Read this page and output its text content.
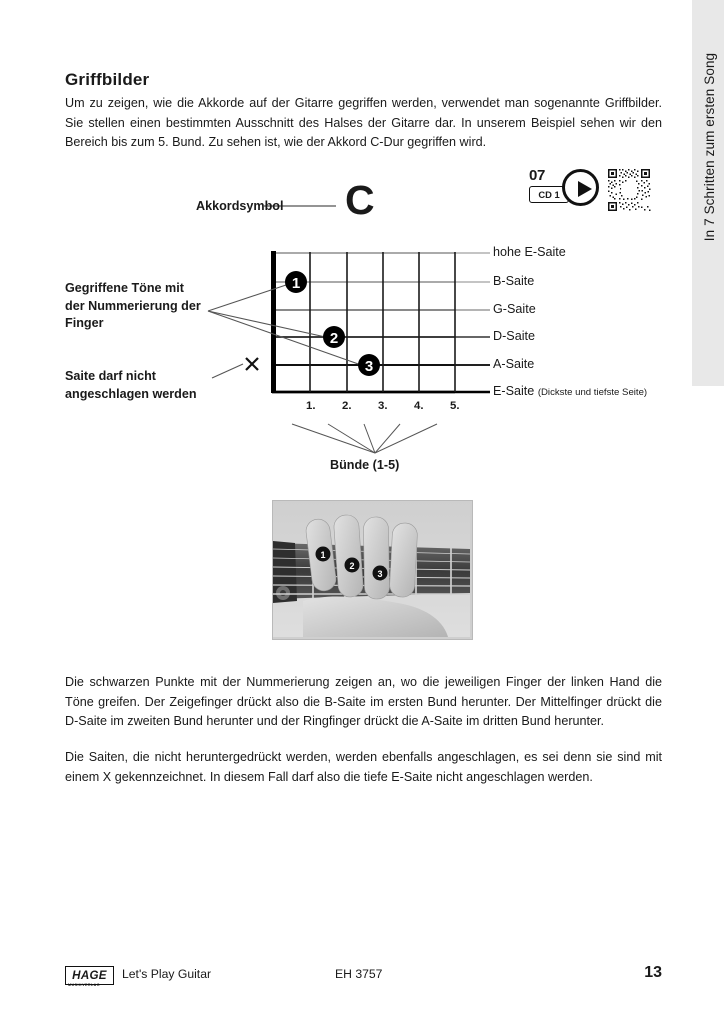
In 7 Schritten zum ersten Song
Griffbilder
Um zu zeigen, wie die Akkorde auf der Gitarre gegriffen werden, verwendet man sogenannte Griffbilder. Sie stellen einen bestimmten Ausschnitt des Halses der Gitarre dar. In unserem Beispiel sehen wir den Bereich bis zum 5. Bund. Zu sehen ist, wie der Akkord C-Dur gegriffen wird.
07
CD 1
1
2
3
Akkordsymbol C
Gegriffene Töne mit der Nummerierung der Finger
Saite darf nicht angeschlagen werden
Bünde (1-5)
hohe E-Saite
B-Saite
G-Saite
D-Saite
A-Saite
E-Saite (Dickste und tiefste Seite)
1. 2. 3. 4. 5.
1
2
3
Die schwarzen Punkte mit der Nummerierung zeigen an, wo die jeweiligen Finger der linken Hand die Töne greifen. Der Zeigefinger drückt also die B-Saite im ersten Bund herunter. Der Mittelfinger drückt die D-Saite im zweiten Bund herunter und der Ringfinger drückt die A-Saite im dritten Bund herunter.
Die Saiten, die nicht heruntergedrückt werden, werden ebenfalls angeschlagen, es sei denn sie sind mit einem X gekennzeichnet. In diesem Fall darf also die tiefe E-Saite nicht angeschlagen werden.
HAGE
MUSIKVERLAG
Let's Play Guitar	EH 3757	13
